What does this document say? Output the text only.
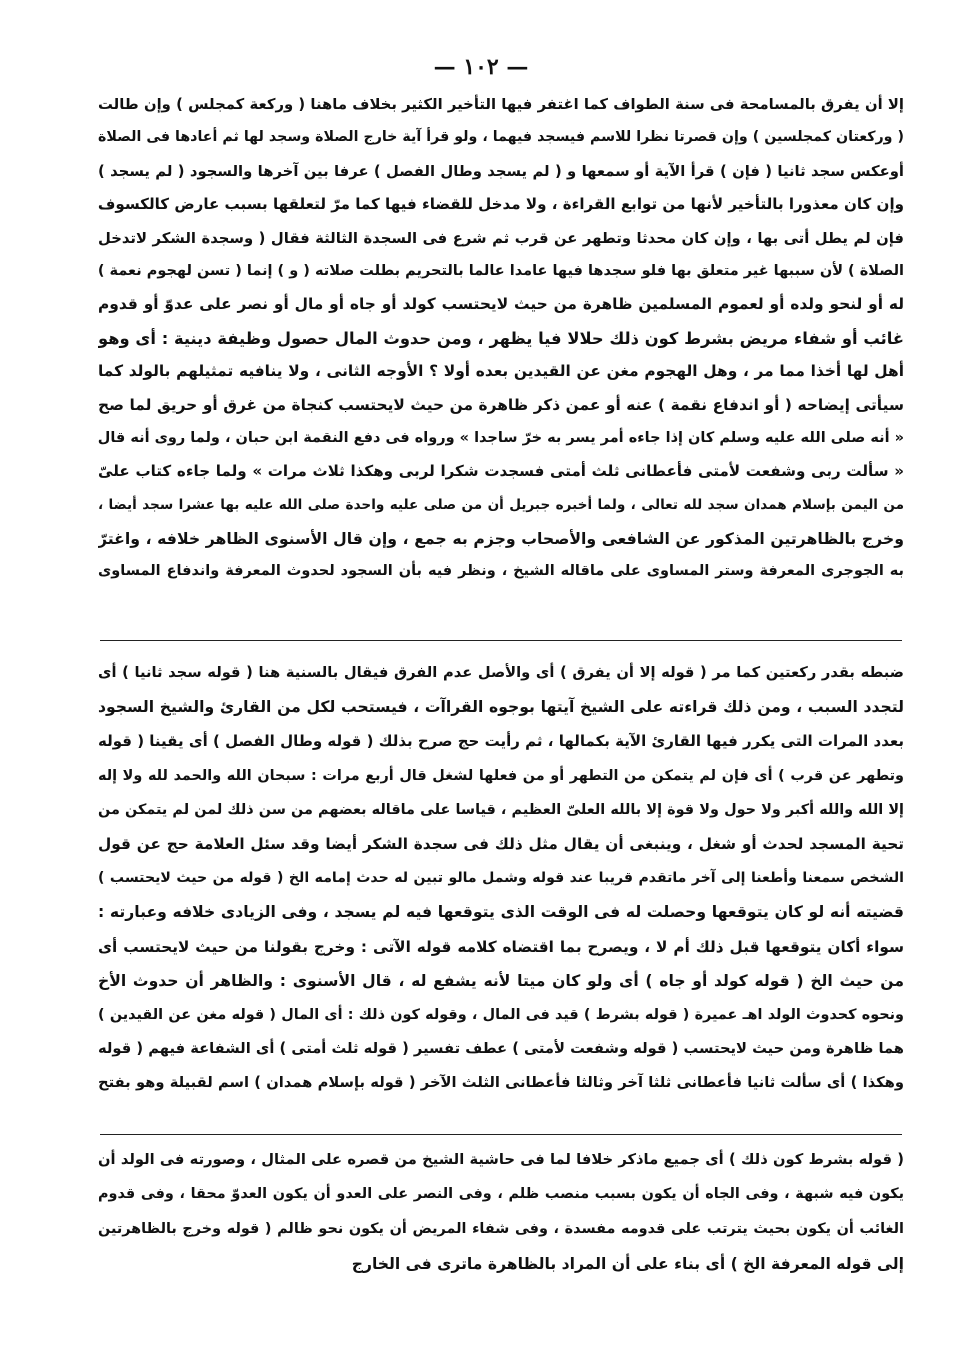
— ١٠٢ —
إلا أن يفرق بالمسامحة فى سنة الطواف كما اغتفر فيها التأخير الكثير بخلاف ماهنا ( وركعة كمجلس ) وإن طالت
( وركعتان كمجلسين ) وإن قصرتا نظرا للاسم فيسجد فيهما ، ولو قرأ آية خارج الصلاة وسجد لها ثم أعادها فى الصلاة
أوعكس سجد ثانيا ( فإن ) قرأ الآية أو سمعها و ( لم يسجد وطال الفصل ) عرفا بين آخرها والسجود ( لم يسجد )
وإن كان معذورا بالتأخير لأنها من توابع القراءة ، ولا مدخل للقضاء فيها كما مرّ لتعلقها بسبب عارض كالكسوف
فإن لم يطل أتى بها ، وإن كان محدثا وتطهر عن قرب ثم شرع فى السجدة الثالثة فقال ( وسجدة الشكر لاتدخل
الصلاة ) لأن سببها غير متعلق بها فلو سجدها فيها عامدا عالما بالتحريم بطلت صلاته ( و ) إنما ( تسن لهجوم نعمة )
له أو لنحو ولده أو لعموم المسلمين ظاهرة من حيث لايحتسب كولد أو جاه أو مال أو نصر على عدوّ أو قدوم
غائب أو شفاء مريض بشرط كون ذلك حلالا فيا يظهر ، ومن حدوث المال حصول وظيفة دينية : أى وهو
أهل لها أخذا مما مر ، وهل الهجوم مغن عن القيدين بعده أولا ؟ الأوجه الثانى ، ولا ينافيه تمثيلهم بالولد كما
سيأتى إيضاحه ( أو اندفاع نقمة ) عنه أو عمن ذكر ظاهرة من حيث لايحتسب كنجاة من غرق أو حريق لما صح
« أنه صلى الله عليه وسلم كان إذا جاءه أمر يسر به خرّ ساجدا » ورواه فى دفع النقمة ابن حبان ، ولما روى أنه قال
« سألت ربى وشفعت لأمتى فأعطانى ثلث أمتى فسجدت شكرا لربى وهكذا ثلاث مرات » ولما جاءه كتاب علىّ
من اليمن بإسلام همدان سجد لله تعالى ، ولما أخبره جبريل أن من صلى عليه واحدة صلى الله عليه بها عشرا سجد أيضا ،
وخرج بالظاهرتين المذكور عن الشافعى والأصحاب وجزم به جمع ، وإن قال الأسنوى الظاهر خلافه ، واغترّ
به الجوجرى المعرفة وستر المساوى على ماقاله الشيخ ، ونظر فيه بأن السجود لحدوث المعرفة واندفاع المساوى
ضبطه بقدر ركعتين كما مر ( قوله إلا أن يفرق ) أى والأصل عدم الفرق فيقال بالسنية هنا ( قوله سجد ثانيا ) أى
لتجدد السبب ، ومن ذلك قراءته على الشيخ آيتها بوجوه القراآت ، فيستحب لكل من القارئ والشيخ السجود
بعدد المرات التى يكرر فيها القارئ الآية بكمالها ، ثم رأيت حج صرح بذلك ( قوله وطال الفصل ) أى يقينا ( قوله
وتطهر عن قرب ) أى فإن لم يتمكن من التطهر أو من فعلها لشغل قال أربع مرات : سبحان الله والحمد لله ولا إله
إلا الله والله أكبر ولا حول ولا قوة إلا بالله العلىّ العظيم ، قياسا على ماقاله بعضهم من سن ذلك لمن لم يتمكن من
تحية المسجد لحدث أو شغل ، وينبغى أن يقال مثل ذلك فى سجدة الشكر أيضا وقد سئل العلامة حج عن قول
الشخص سمعنا وأطعنا إلى آخر ماتقدم قريبا عند قوله وشمل مالو تبين له حدث إمامه الخ ( قوله من حيث لايحتسب )
قضيته أنه لو كان يتوقعها وحصلت له فى الوقت الذى يتوقعها فيه لم يسجد ، وفى الزيادى خلافه وعبارته :
سواء أكان يتوقعها قبل ذلك أم لا ، ويصرح بما اقتضاه كلامه قوله الآتى : وخرج بقولنا من حيث لايحتسب أى
من حيث الخ ( قوله كولد أو جاه ) أى ولو كان ميتا لأنه يشفع له ، قال الأسنوى : والظاهر أن حدوث الأخ
ونحوه كحدوث الولد اهـ عميرة ( قوله بشرط ) قيد فى المال ، وقوله كون ذلك : أى المال ( قوله مغن عن القيدين )
هما ظاهرة ومن حيث لايحتسب ( قوله وشفعت لأمتى ) عطف تفسير ( قوله ثلث أمتى ) أى الشفاعة فيهم ( قوله
وهكذا ) أى سألت ثانيا فأعطانى ثلثا آخر وثالثا فأعطانى الثلث الآخر ( قوله بإسلام همدان ) اسم لقبيلة وهو بفتح
( قوله بشرط كون ذلك ) أى جميع ماذكر خلافا لما فى حاشية الشيخ من قصره على المثال ، وصورته فى الولد أن
يكون فيه شبهة ، وفى الجاه أن يكون بسبب منصب ظلم ، وفى النصر على العدو أن يكون العدوّ محقا ، وفى قدوم
الغائب أن يكون بحيث يترتب على قدومه مفسدة ، وفى شفاء المريض أن يكون نحو ظالم ( قوله وخرج بالظاهرتين
إلى قوله المعرفة الخ ) أى بناء على أن المراد بالظاهرة ماترى فى الخارج
